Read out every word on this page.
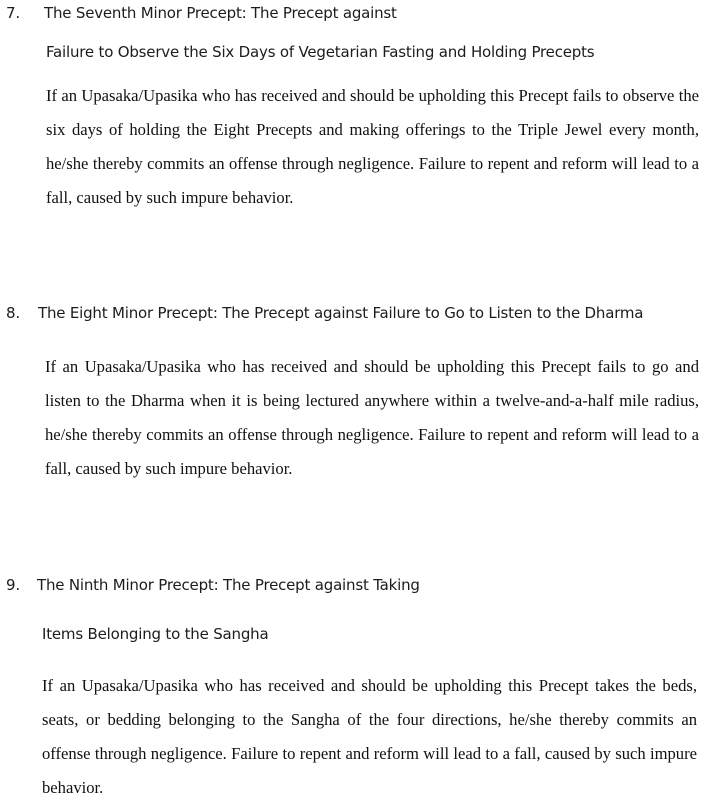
7. The Seventh Minor Precept: The Precept against
Failure to Observe the Six Days of Vegetarian Fasting and Holding Precepts

If an Upasaka/Upasika who has received and should be upholding this Precept fails to observe the six days of holding the Eight Precepts and making offerings to the Triple Jewel every month, he/she thereby commits an offense through negligence. Failure to repent and reform will lead to a fall, caused by such impure behavior.

8. The Eight Minor Precept: The Precept against Failure to Go to Listen to the Dharma

If an Upasaka/Upasika who has received and should be upholding this Precept fails to go and listen to the Dharma when it is being lectured anywhere within a twelve-and-a-half mile radius, he/she thereby commits an offense through negligence. Failure to repent and reform will lead to a fall, caused by such impure behavior.

9. The Ninth Minor Precept: The Precept against Taking
Items Belonging to the Sangha

If an Upasaka/Upasika who has received and should be upholding this Precept takes the beds, seats, or bedding belonging to the Sangha of the four directions, he/she thereby commits an offense through negligence. Failure to repent and reform will lead to a fall, caused by such impure behavior.
